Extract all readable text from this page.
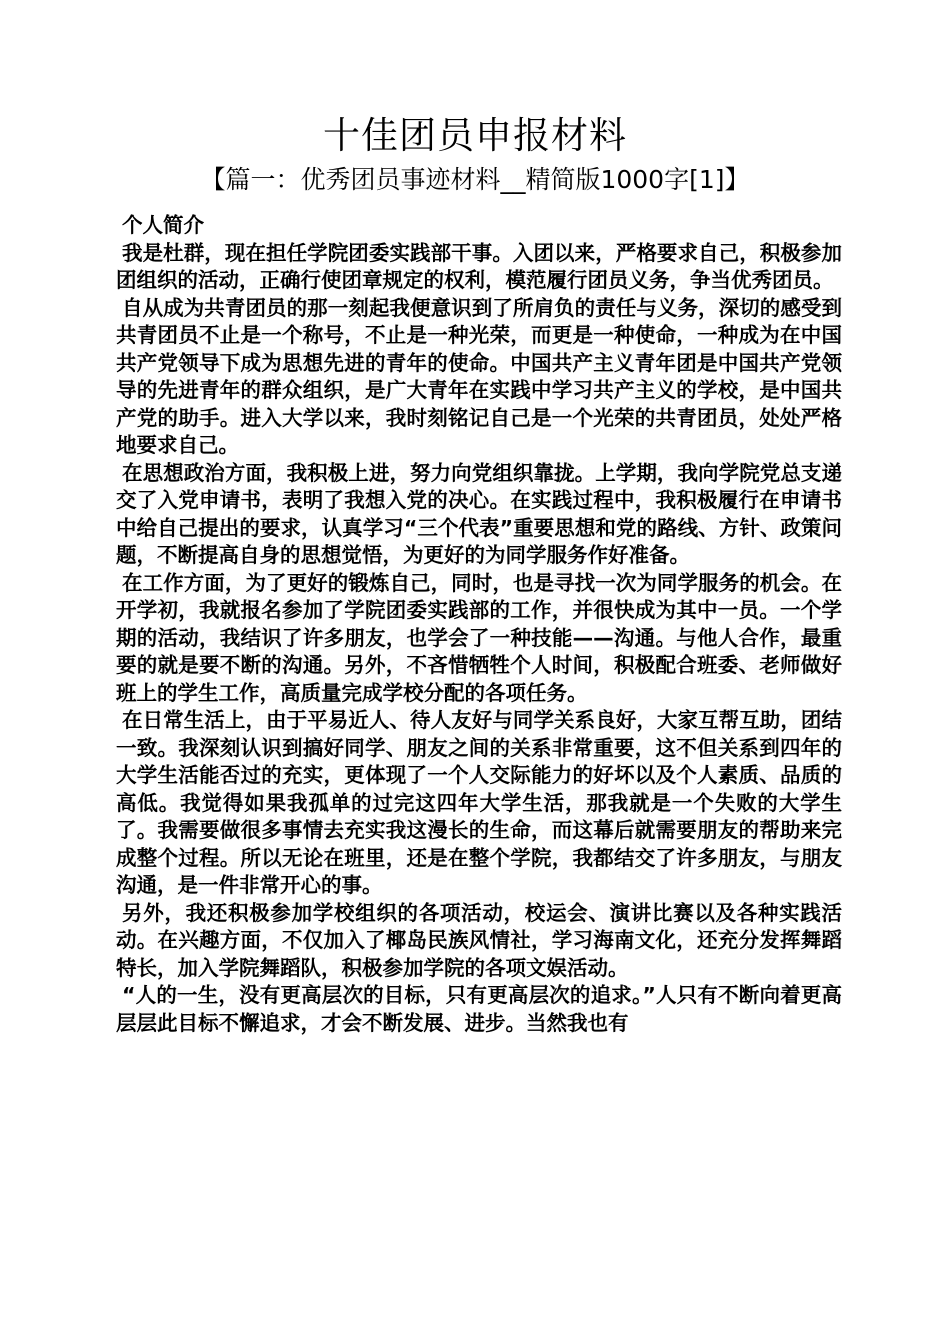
十佳团员申报材料
【篇一：优秀团员事迹材料__精简版1000字[1]】

个人简介

我是杜群，现在担任学院团委实践部干事。入团以来，严格要求自己，积极参加团组织的活动，正确行使团章规定的权利，模范履行团员义务，争当优秀团员。

自从成为共青团员的那一刻起我便意识到了所肩负的责任与义务，深切的感受到共青团员不止是一个称号，不止是一种光荣，而更是一种使命，一种成为在中国共产党领导下成为思想先进的青年的使命。中国共产主义青年团是中国共产党领导的先进青年的群众组织，是广大青年在实践中学习共产主义的学校，是中国共产党的助手。进入大学以来，我时刻铭记自己是一个光荣的共青团员，处处严格地要求自己。

在思想政治方面，我积极上进，努力向党组织靠拢。上学期，我向学院党总支递交了入党申请书，表明了我想入党的决心。在实践过程中，我积极履行在申请书中给自己提出的要求，认真学习“三个代表”重要思想和党的路线、方针、政策问题，不断提高自身的思想觉悟，为更好的为同学服务作好准备。

在工作方面，为了更好的锻炼自己，同时，也是寻找一次为同学服务的机会。在开学初，我就报名参加了学院团委实践部的工作，并很快成为其中一员。一个学期的活动，我结识了许多朋友，也学会了一种技能——沟通。与他人合作，最重要的就是要不断的沟通。另外，不吝惜牺牲个人时间，积极配合班委、老师做好班上的学生工作，高质量完成学校分配的各项任务。

在日常生活上，由于平易近人、待人友好与同学关系良好，大家互帮互助，团结一致。我深刻认识到搞好同学、朋友之间的关系非常重要，这不但关系到四年的大学生活能否过的充实，更体现了一个人交际能力的好坏以及个人素质、品质的高低。我觉得如果我孤单的过完这四年大学生活，那我就是一个失败的大学生了。我需要做很多事情去充实我这漫长的生命，而这幕后就需要朋友的帮助来完成整个过程。所以无论在班里，还是在整个学院，我都结交了许多朋友，与朋友沟通，是一件非常开心的事。

另外，我还积极参加学校组织的各项活动，校运会、演讲比赛以及各种实践活动。在兴趣方面，不仅加入了椰岛民族风情社，学习海南文化，还充分发挥舞蹈特长，加入学院舞蹈队，积极参加学院的各项文娱活动。

“人的一生，没有更高层次的目标，只有更高层次的追求。”人只有不断向着更高层层此目标不懈追求，才会不断发展、进步。当然我也有
